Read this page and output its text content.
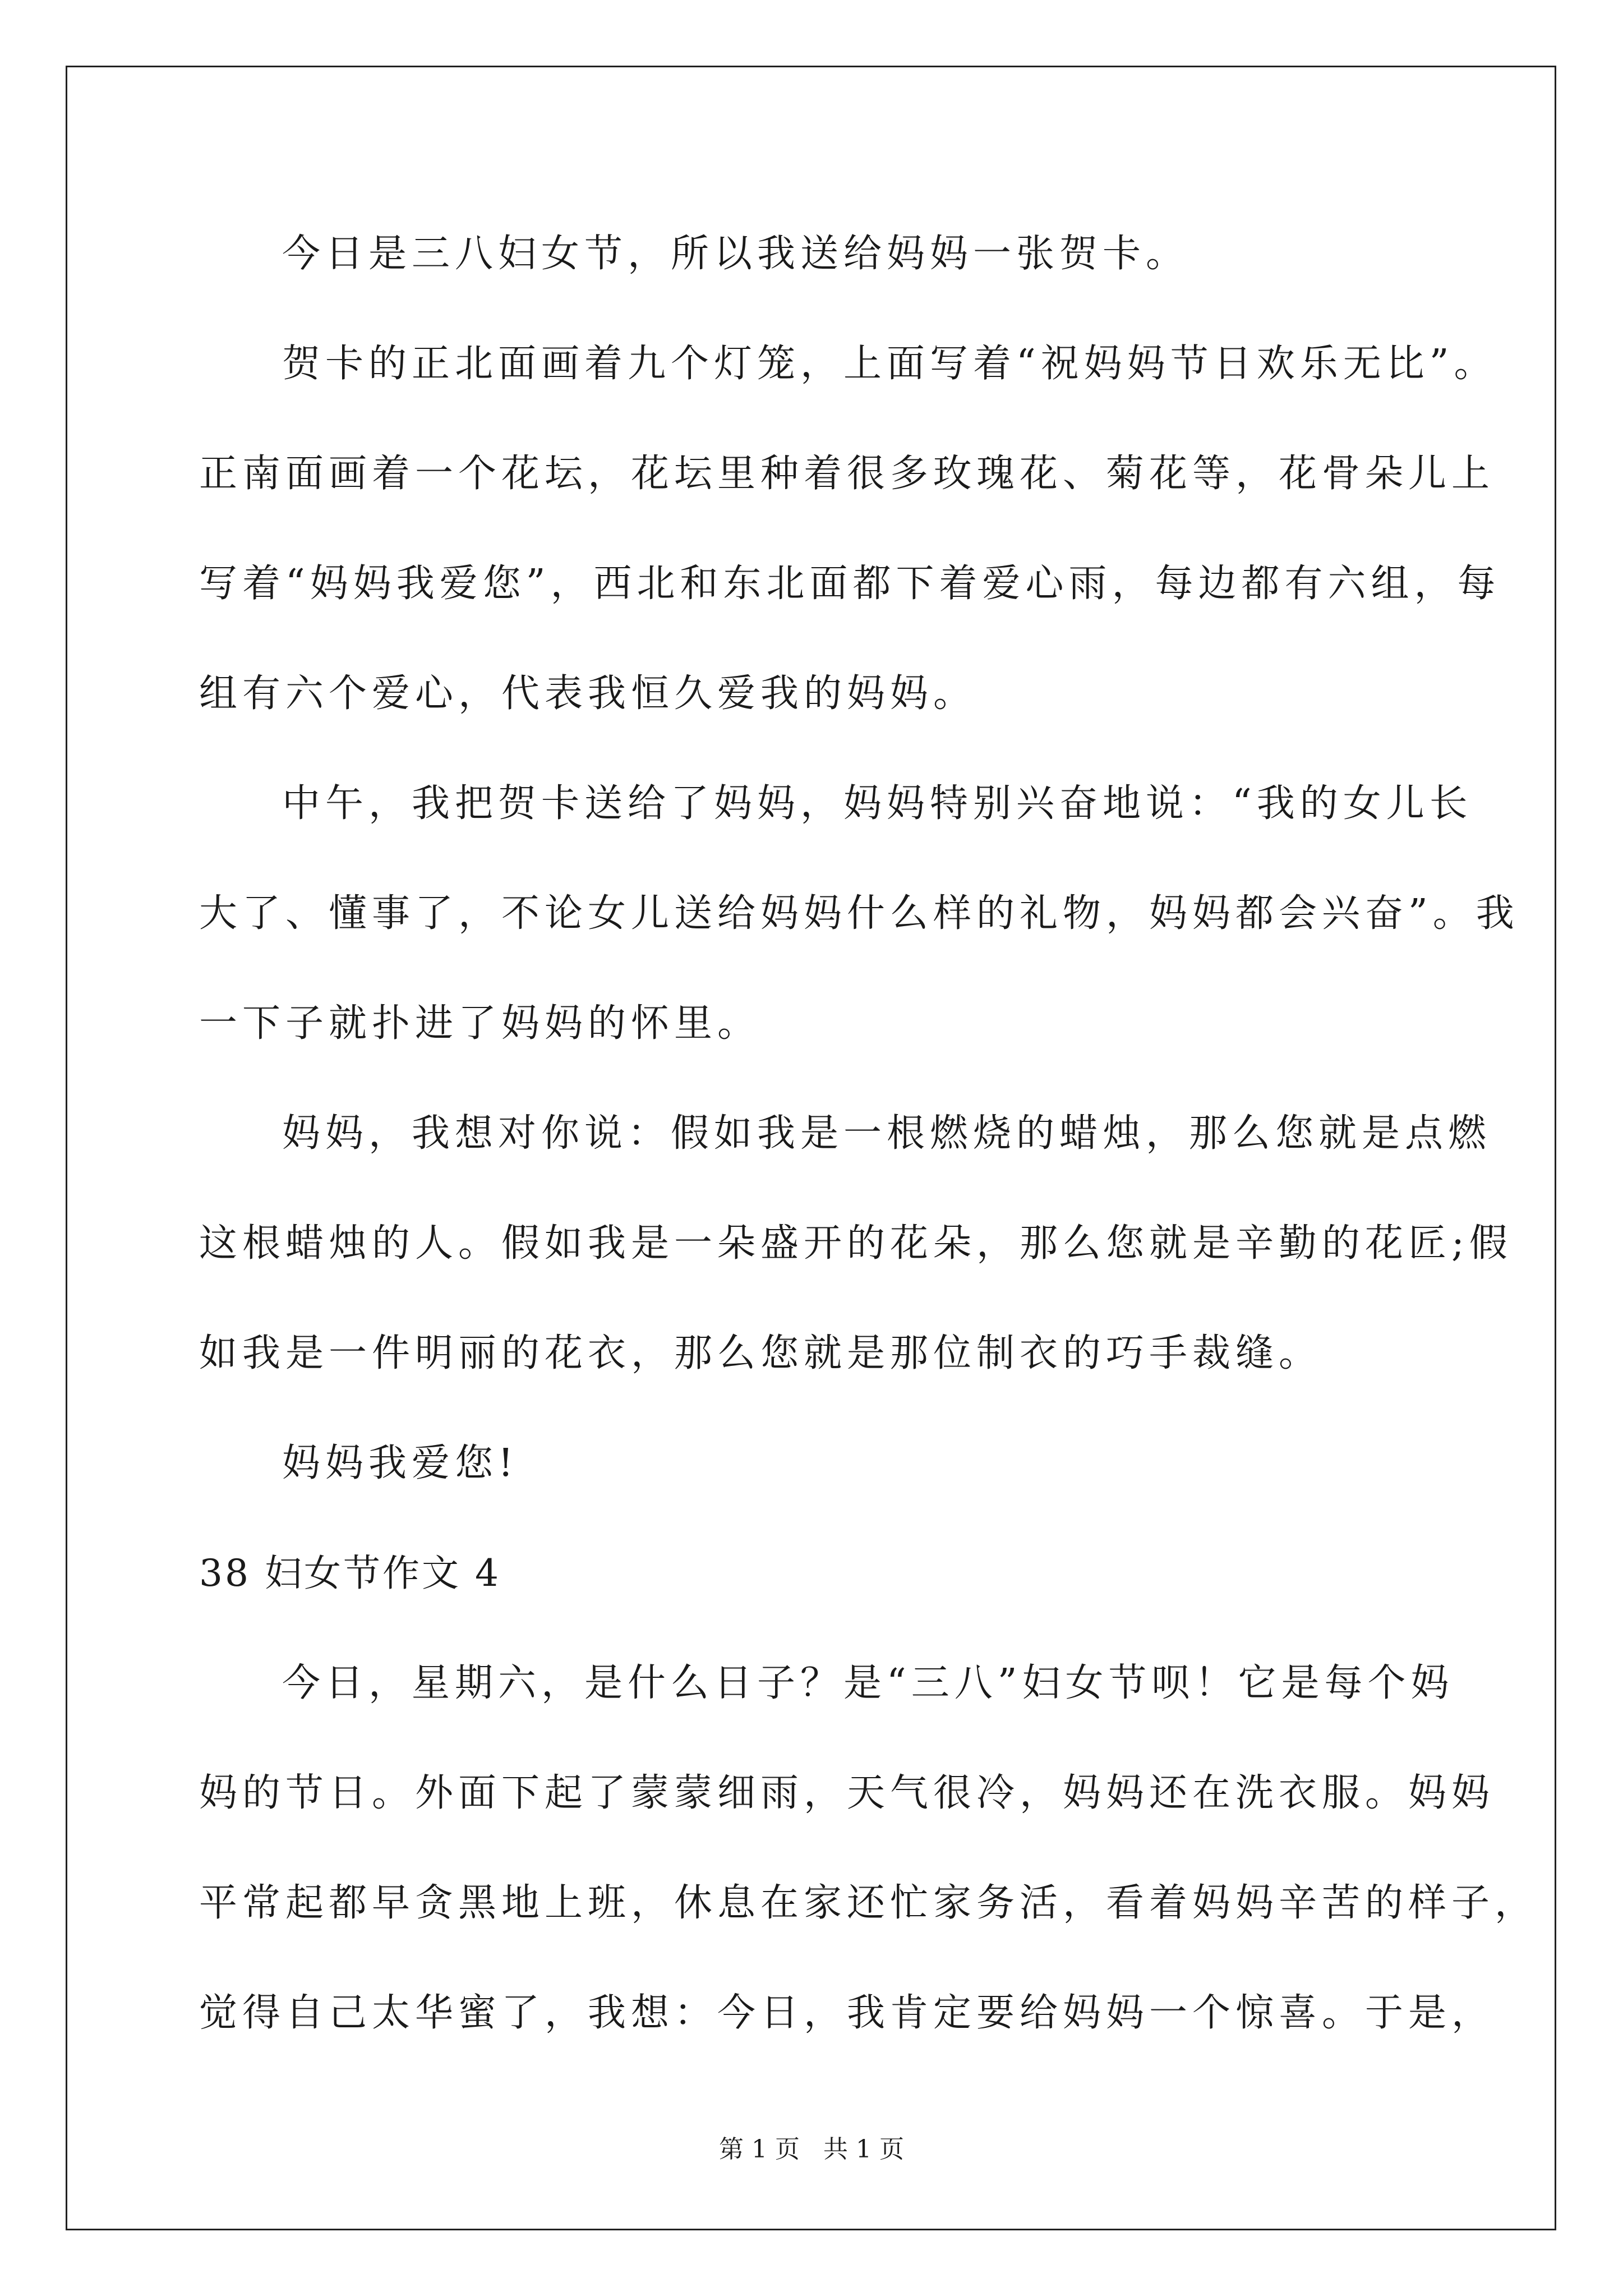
今日是三八妇女节，所以我送给妈妈一张贺卡。

贺卡的正北面画着九个灯笼，上面写着“祝妈妈节日欢乐无比”。

正南面画着一个花坛，花坛里种着很多玫瑰花、菊花等，花骨朵儿上

写着“妈妈我爱您”，西北和东北面都下着爱心雨，每边都有六组，每

组有六个爱心，代表我恒久爱我的妈妈。

中午，我把贺卡送给了妈妈，妈妈特别兴奋地说：“我的女儿长

大了、懂事了，不论女儿送给妈妈什么样的礼物，妈妈都会兴奋”。我

一下子就扑进了妈妈的怀里。

妈妈，我想对你说：假如我是一根燃烧的蜡烛，那么您就是点燃

这根蜡烛的人。假如我是一朵盛开的花朵，那么您就是辛勤的花匠;假

如我是一件明丽的花衣，那么您就是那位制衣的巧手裁缝。

妈妈我爱您!

38 妇女节作文 4

今日，星期六，是什么日子？是“三八”妇女节呗！它是每个妈

妈的节日。外面下起了蒙蒙细雨，天气很冷，妈妈还在洗衣服。妈妈

平常起都早贪黑地上班，休息在家还忙家务活，看着妈妈辛苦的样子，

觉得自己太华蜜了，我想：今日，我肯定要给妈妈一个惊喜。于是，

第 1 页   共 1 页
